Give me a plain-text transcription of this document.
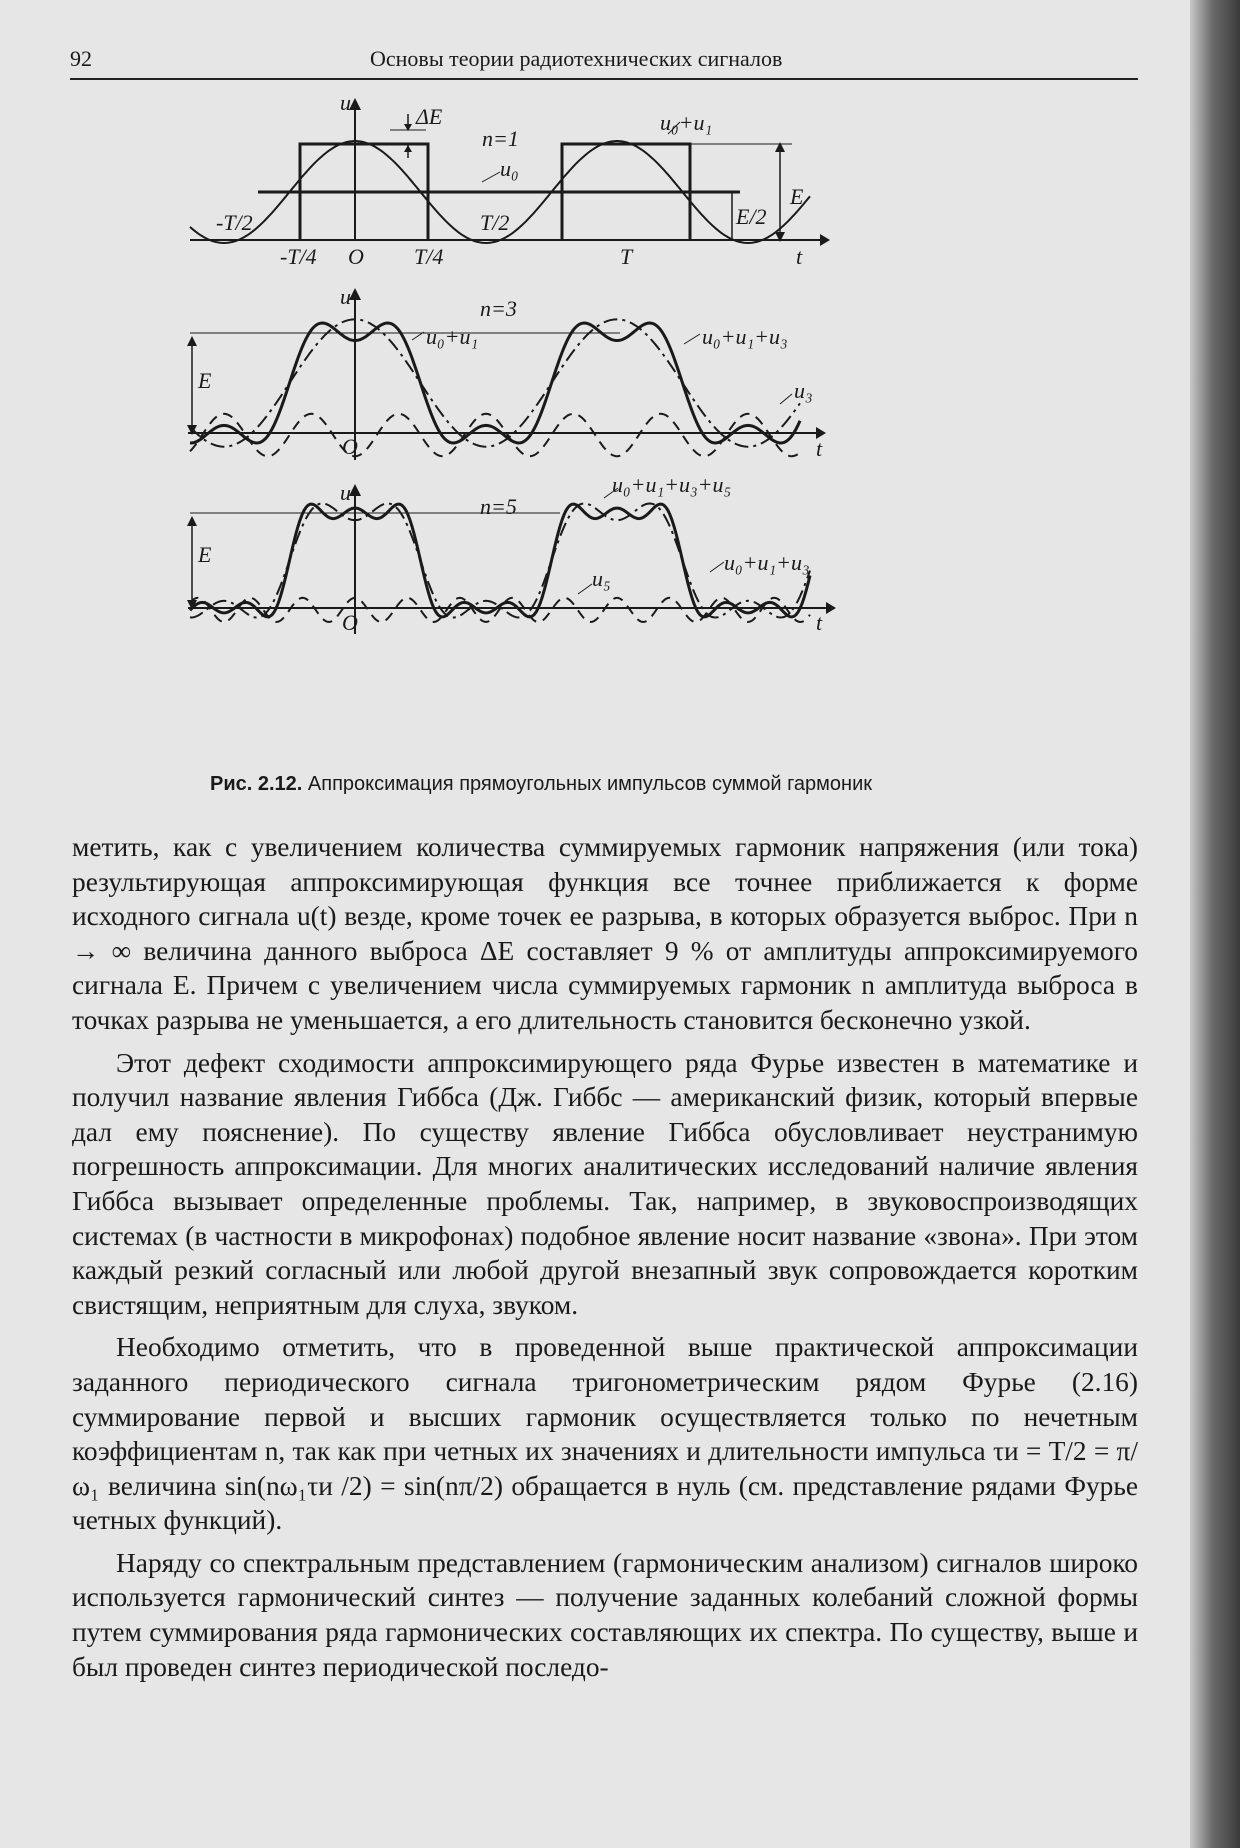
92	Основы теории радиотехнических сигналов
u
ΔE
n=1
u₀+u₁
u₀
E
E/2
-T/2
-T/4 O T/4
T/2
T	t
u	n=3
u₀+u₁	u₀+u₁+u₃
u₃
E
O	t
u
n=5
u₀+u₁+u₃+u₅
u₀+u₁+u₃
u₅
E
O	t
Рис. 2.12. Аппроксимация прямоугольных импульсов суммой гармоник

метить, как с увеличением количества суммируемых гармоник напряжения (или тока) результирующая аппроксимирующая функция все точнее приближается к форме исходного сигнала u(t) везде, кроме точек ее разрыва, в которых образуется выброс. При n → ∞ величина данного выброса ΔE составляет 9 % от амплитуды аппроксимируемого сигнала E. Причем с увеличением числа суммируемых гармоник n амплитуда выброса в точках разрыва не уменьшается, а его длительность становится бесконечно узкой.

Этот дефект сходимости аппроксимирующего ряда Фурье известен в математике и получил название явления Гиббса (Дж. Гиббс — американский физик, который впервые дал ему пояснение). По существу явление Гиббса обусловливает неустранимую погрешность аппроксимации. Для многих аналитических исследований наличие явления Гиббса вызывает определенные проблемы. Так, например, в звуковоспроизводящих системах (в частности в микрофонах) подобное явление носит название «звона». При этом каждый резкий согласный или любой другой внезапный звук сопровождается коротким свистящим, неприятным для слуха, звуком.

Необходимо отметить, что в проведенной выше практической аппроксимации заданного периодического сигнала тригонометрическим рядом Фурье (2.16) суммирование первой и высших гармоник осуществляется только по нечетным коэффициентам n, так как при четных их значениях и длительности импульса τи = T/2 = π/ω₁ величина sin(nω₁τи /2) = sin(nπ/2) обращается в нуль (см. представление рядами Фурье четных функций).

Наряду со спектральным представлением (гармоническим анализом) сигналов широко используется гармонический синтез — получение заданных колебаний сложной формы путем суммирования ряда гармонических составляющих их спектра. По существу, выше и был проведен синтез периодической последо-
